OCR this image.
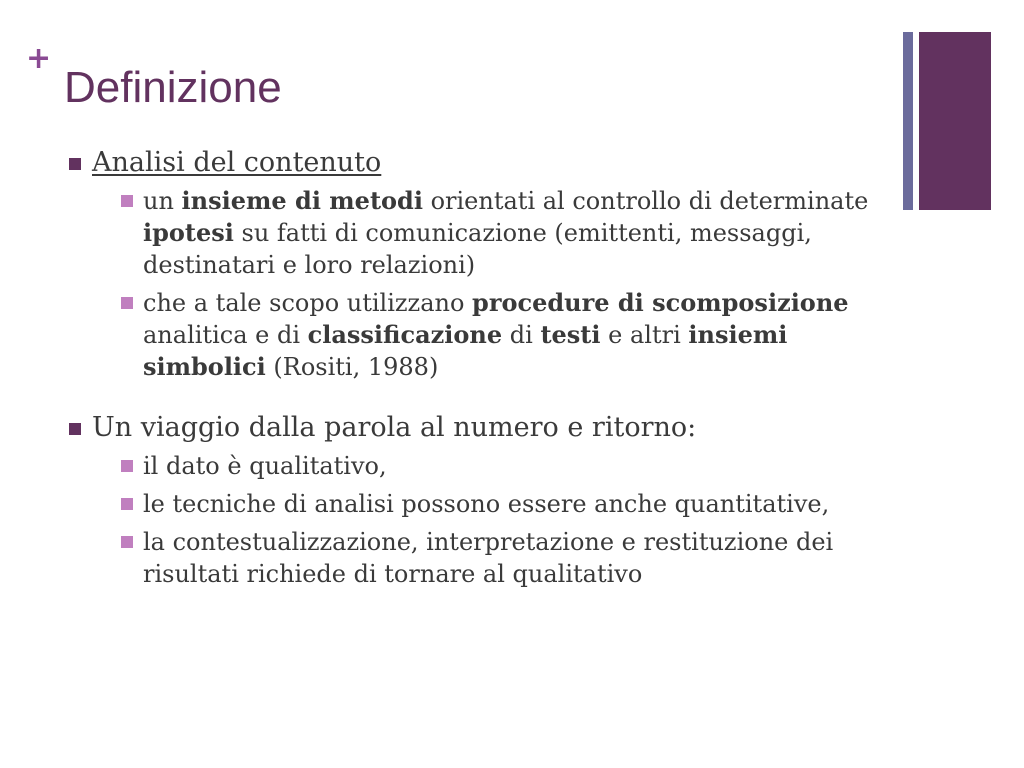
+
Definizione
Analisi del contenuto
un insieme di metodi orientati al controllo di determinate ipotesi su fatti di comunicazione (emittenti, messaggi, destinatari e loro relazioni)
che a tale scopo utilizzano procedure di scomposizione analitica e di classificazione di testi e altri insiemi simbolici (Rositi, 1988)
Un viaggio dalla parola al numero e ritorno:
il dato è qualitativo,
le tecniche di analisi possono essere anche quantitative,
la contestualizzazione, interpretazione e restituzione dei risultati richiede di tornare al qualitativo
